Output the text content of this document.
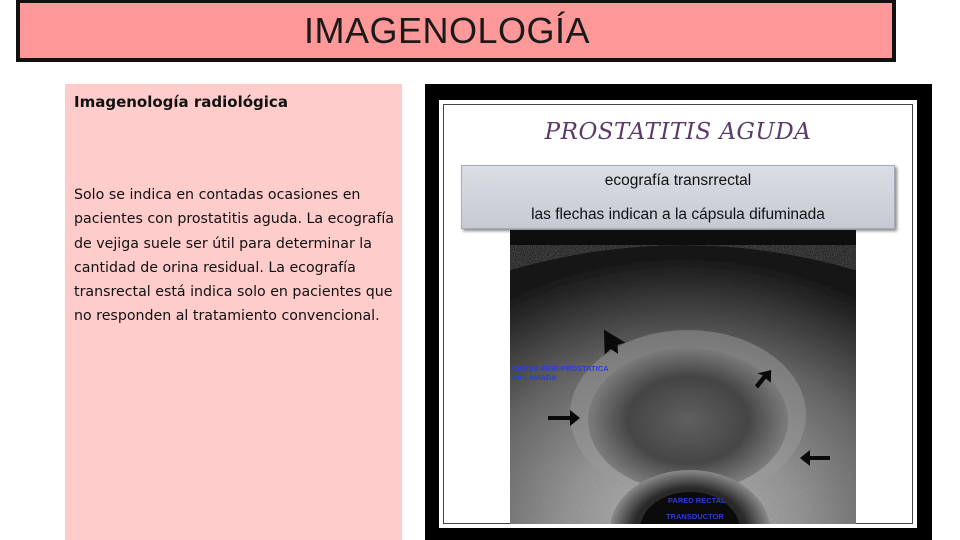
IMAGENOLOGÍA

Imagenología radiológica

Solo se indica en contadas ocasiones en pacientes con prostatitis aguda. La ecografía de vejiga suele ser útil para determinar la cantidad de orina residual. La ecografía transrectal está indica solo en pacientes que no responden al tratamiento convencional.

PROSTATITIS AGUDA
ecografía transrrectal
las flechas indican a la cápsula difuminada
GRASA PERI-PROSTATICA
INFLAMADA
PARED RECTAL
TRANSDUCTOR
